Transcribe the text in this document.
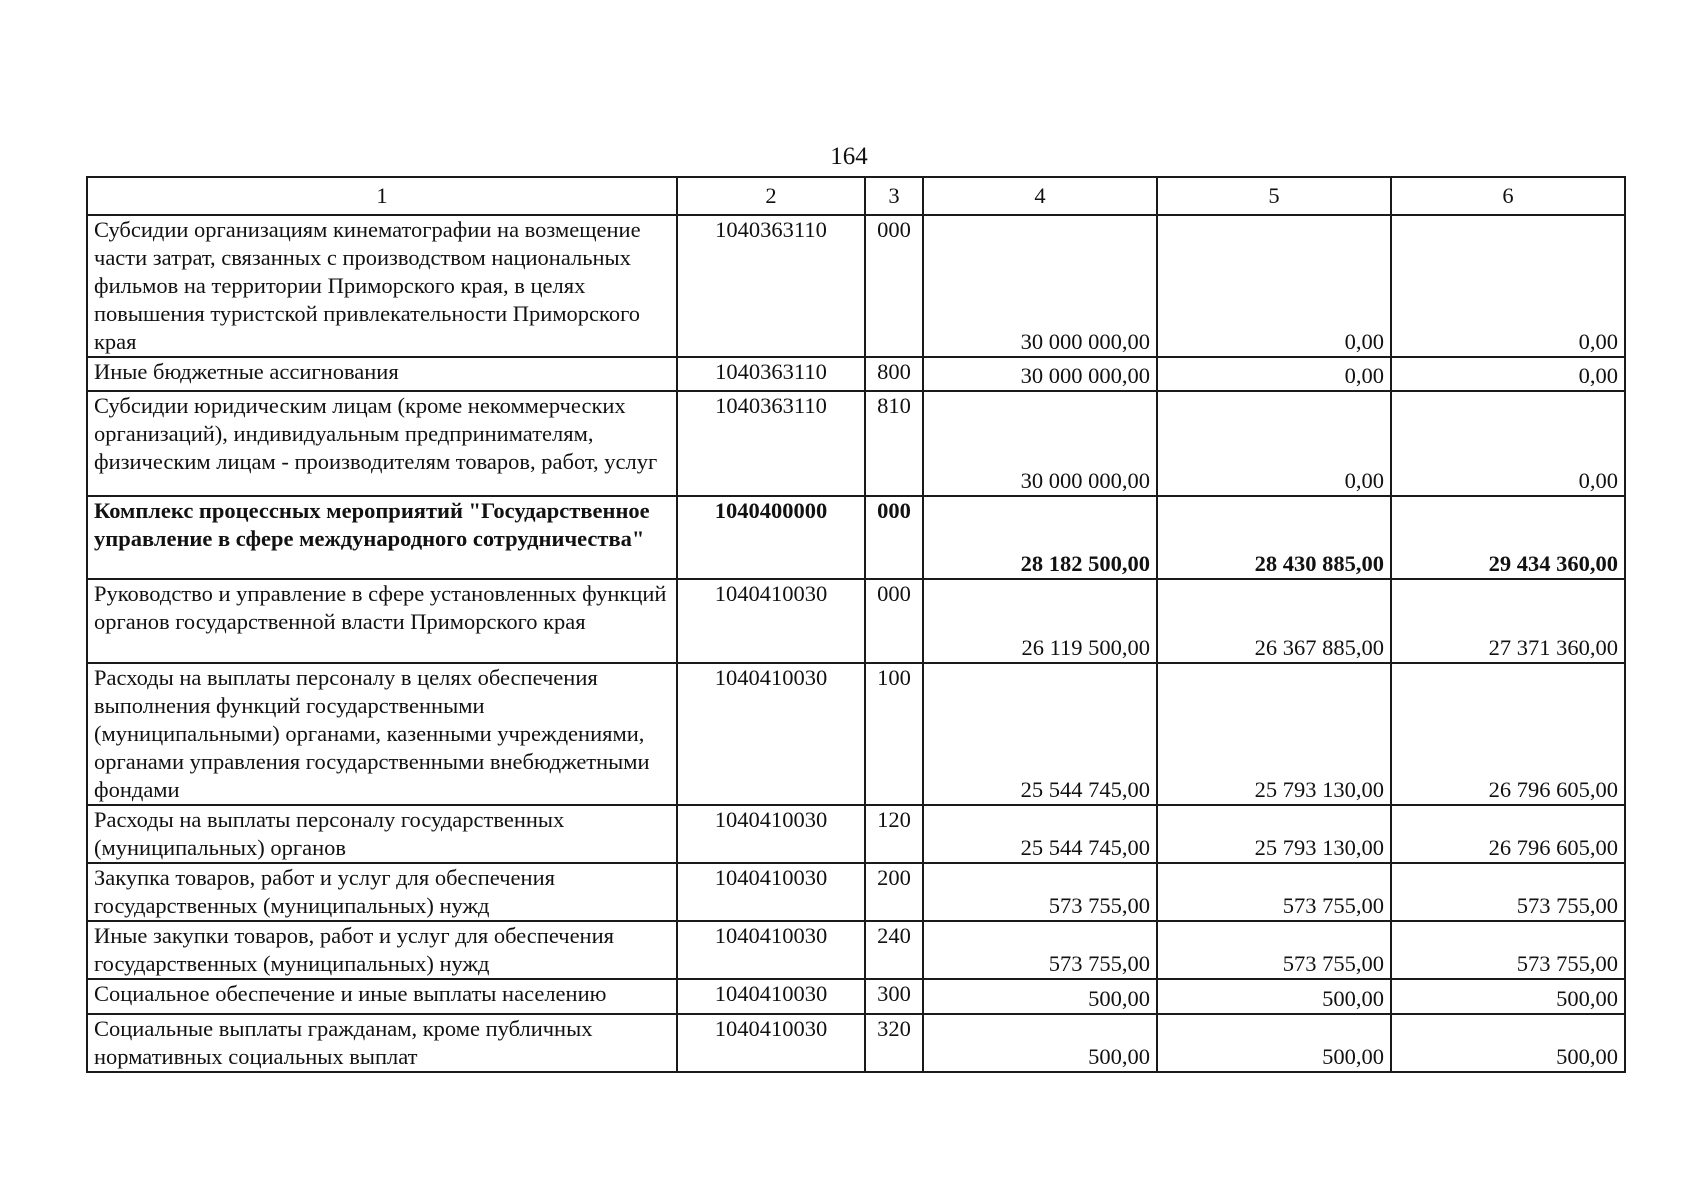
164
1	2	3	4	5	6
Субсидии организациям кинематографии на возмещение части затрат, связанных с производством национальных фильмов на территории Приморского края, в целях повышения туристской привлекательности Приморского края	1040363110	000	30 000 000,00	0,00	0,00
Иные бюджетные ассигнования	1040363110	800	30 000 000,00	0,00	0,00
Субсидии юридическим лицам (кроме некоммерческих организаций), индивидуальным предпринимателям, физическим лицам - производителям товаров, работ, услуг	1040363110	810	30 000 000,00	0,00	0,00
Комплекс процессных мероприятий "Государственное управление в сфере международного сотрудничества"	1040400000	000	28 182 500,00	28 430 885,00	29 434 360,00
Руководство и управление в сфере установленных функций органов государственной власти Приморского края	1040410030	000	26 119 500,00	26 367 885,00	27 371 360,00
Расходы на выплаты персоналу в целях обеспечения выполнения функций государственными (муниципальными) органами, казенными учреждениями, органами управления государственными внебюджетными фондами	1040410030	100	25 544 745,00	25 793 130,00	26 796 605,00
Расходы на выплаты персоналу государственных (муниципальных) органов	1040410030	120	25 544 745,00	25 793 130,00	26 796 605,00
Закупка товаров, работ и услуг для обеспечения государственных (муниципальных) нужд	1040410030	200	573 755,00	573 755,00	573 755,00
Иные закупки товаров, работ и услуг для обеспечения государственных (муниципальных) нужд	1040410030	240	573 755,00	573 755,00	573 755,00
Социальное обеспечение и иные выплаты населению	1040410030	300	500,00	500,00	500,00
Социальные выплаты гражданам, кроме публичных нормативных социальных выплат	1040410030	320	500,00	500,00	500,00
